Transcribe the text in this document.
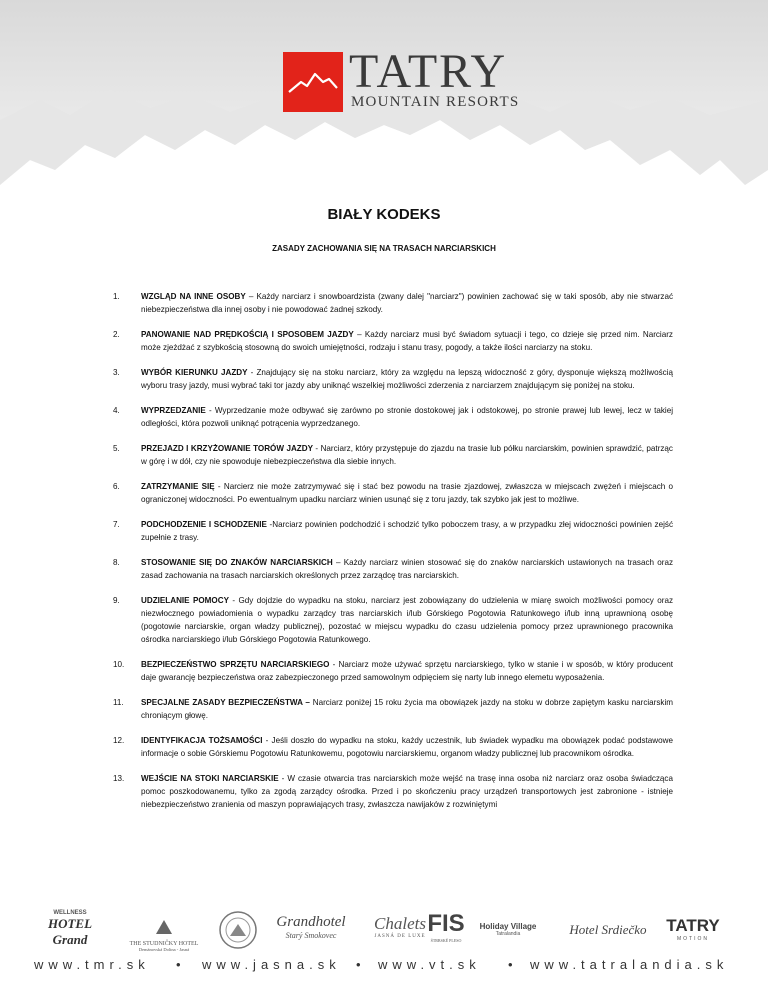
TATRY
MOUNTAIN RESORTS
BIAŁY KODEKS
ZASADY ZACHOWANIA SIĘ NA TRASACH NARCIARSKICH
1.	WZGLĄD NA INNE OSOBY – Każdy narciarz i snowboardzista (zwany dalej "narciarz") powinien zachować się w taki sposób, aby nie stwarzać niebezpieczeństwa dla innej osoby i nie powodować żadnej szkody.
2.	PANOWANIE NAD PRĘDKOŚCIĄ I SPOSOBEM JAZDY – Każdy narciarz musi być świadom sytuacji i tego, co dzieje się przed nim. Narciarz może zjeżdżać z szybkością stosowną do swoich umiejętności, rodzaju i stanu trasy, pogody, a także ilości narciarzy na stoku.
3.	WYBÓR KIERUNKU JAZDY - Znajdujący się na stoku narciarz, który za względu na lepszą widoczność z góry, dysponuje większą możliwością wyboru trasy jazdy, musi wybrać taki tor jazdy aby uniknąć wszelkiej możliwości zderzenia z narciarzem znajdującym się poniżej na stoku.
4.	WYPRZEDZANIE - Wyprzedzanie może odbywać się zarówno po stronie dostokowej jak i odstokowej, po stronie prawej lub lewej, lecz w takiej odległości, która pozwoli uniknąć potrącenia wyprzedzanego.
5.	PRZEJAZD I KRZYŻOWANIE TORÓW JAZDY - Narciarz, który przystępuje do zjazdu na trasie lub półku narciarskim, powinien sprawdzić, patrząc w górę i w dół, czy nie spowoduje niebezpieczeństwa dla siebie innych.
6.	ZATRZYMANIE SIĘ - Narcierz nie może zatrzymywać się i stać bez powodu na trasie zjazdowej, zwłaszcza w miejscach zwężeń i miejscach o ograniczonej widoczności. Po ewentualnym upadku narciarz winien usunąć się z toru jazdy, tak szybko jak jest to możliwe.
7.	PODCHODZENIE I SCHODZENIE -Narciarz powinien podchodzić i schodzić tylko poboczem trasy, a w przypadku złej widoczności powinien zejść zupełnie z trasy.
8.	STOSOWANIE SIĘ DO ZNAKÓW NARCIARSKICH – Każdy narciarz winien stosować się do znaków narciarskich ustawionych na trasach oraz zasad zachowania na trasach narciarskich określonych przez zarządcę tras narciarskich.
9.	UDZIELANIE POMOCY - Gdy dojdzie do wypadku na stoku, narciarz jest zobowiązany do udzielenia w miarę swoich możliwości pomocy oraz niezwłocznego powiadomienia o wypadku zarządcy tras narciarskich i/lub Górskiego Pogotowia Ratunkowego i/lub inną uprawnioną osobę (pogotowie narciarskie, organ władzy publicznej), pozostać w miejscu wypadku do czasu udzielenia pomocy przez uprawnionego pracownika ośrodka narciarskiego i/lub Górskiego Pogotowia Ratunkowego.
10. BEZPIECZEŃSTWO SPRZĘTU NARCIARSKIEGO - Narciarz może używać sprzętu narciarskiego, tylko w stanie i w sposób, w który producent daje gwarancję bezpieczeństwa oraz zabezpieczonego przed samowolnym odpięciem się narty lub innego elemetu wyposażenia.
11. SPECJALNE ZASADY BEZPIECZEŃSTWA – Narciarz poniżej 15 roku życia ma obowiązek jazdy na stoku w dobrze zapiętym kasku narciarskim chroniącym głowę.
12. IDENTYFIKACJA TOŻSAMOŚCI - Jeśli doszło do wypadku na stoku, każdy uczestnik, lub świadek wypadku ma obowiązek podać podstawowe informacje o sobie Górskiemu Pogotowiu Ratunkowemu, pogotowiu narciarskiemu, organom władzy publicznej lub pracownikom ośrodka.
13. WEJŚCIE NA STOKI NARCIARSKIE - W czasie otwarcia tras narciarskich może wejść na trasę inna osoba niż narciarz oraz osoba świadcząca pomoc poszkodowanemu, tylko za zgodą zarządcy ośrodka. Przed i po skończeniu pracy urządzeń transportowych jest zabronione - istnieje niebezpieczeństwo zranienia od maszyn poprawiających trasy, zwłaszcza nawijaków z rozwiniętymi
WELLNESS
HOTEL Grand	THE STUDNIČKY HOTEL
Demänovská Dolina - Jasná
Grandhotel
Starý Smokovec
Chalets
JASNÁ DE LUXE FIS
ŠTRBSKÉ PLESO
Holiday Village
Tatralandia	Hotel Srdiečko	TATRY
MOTION
www.tmr.sk • www.jasna.sk • www.vt.sk • www.tatralandia.sk
